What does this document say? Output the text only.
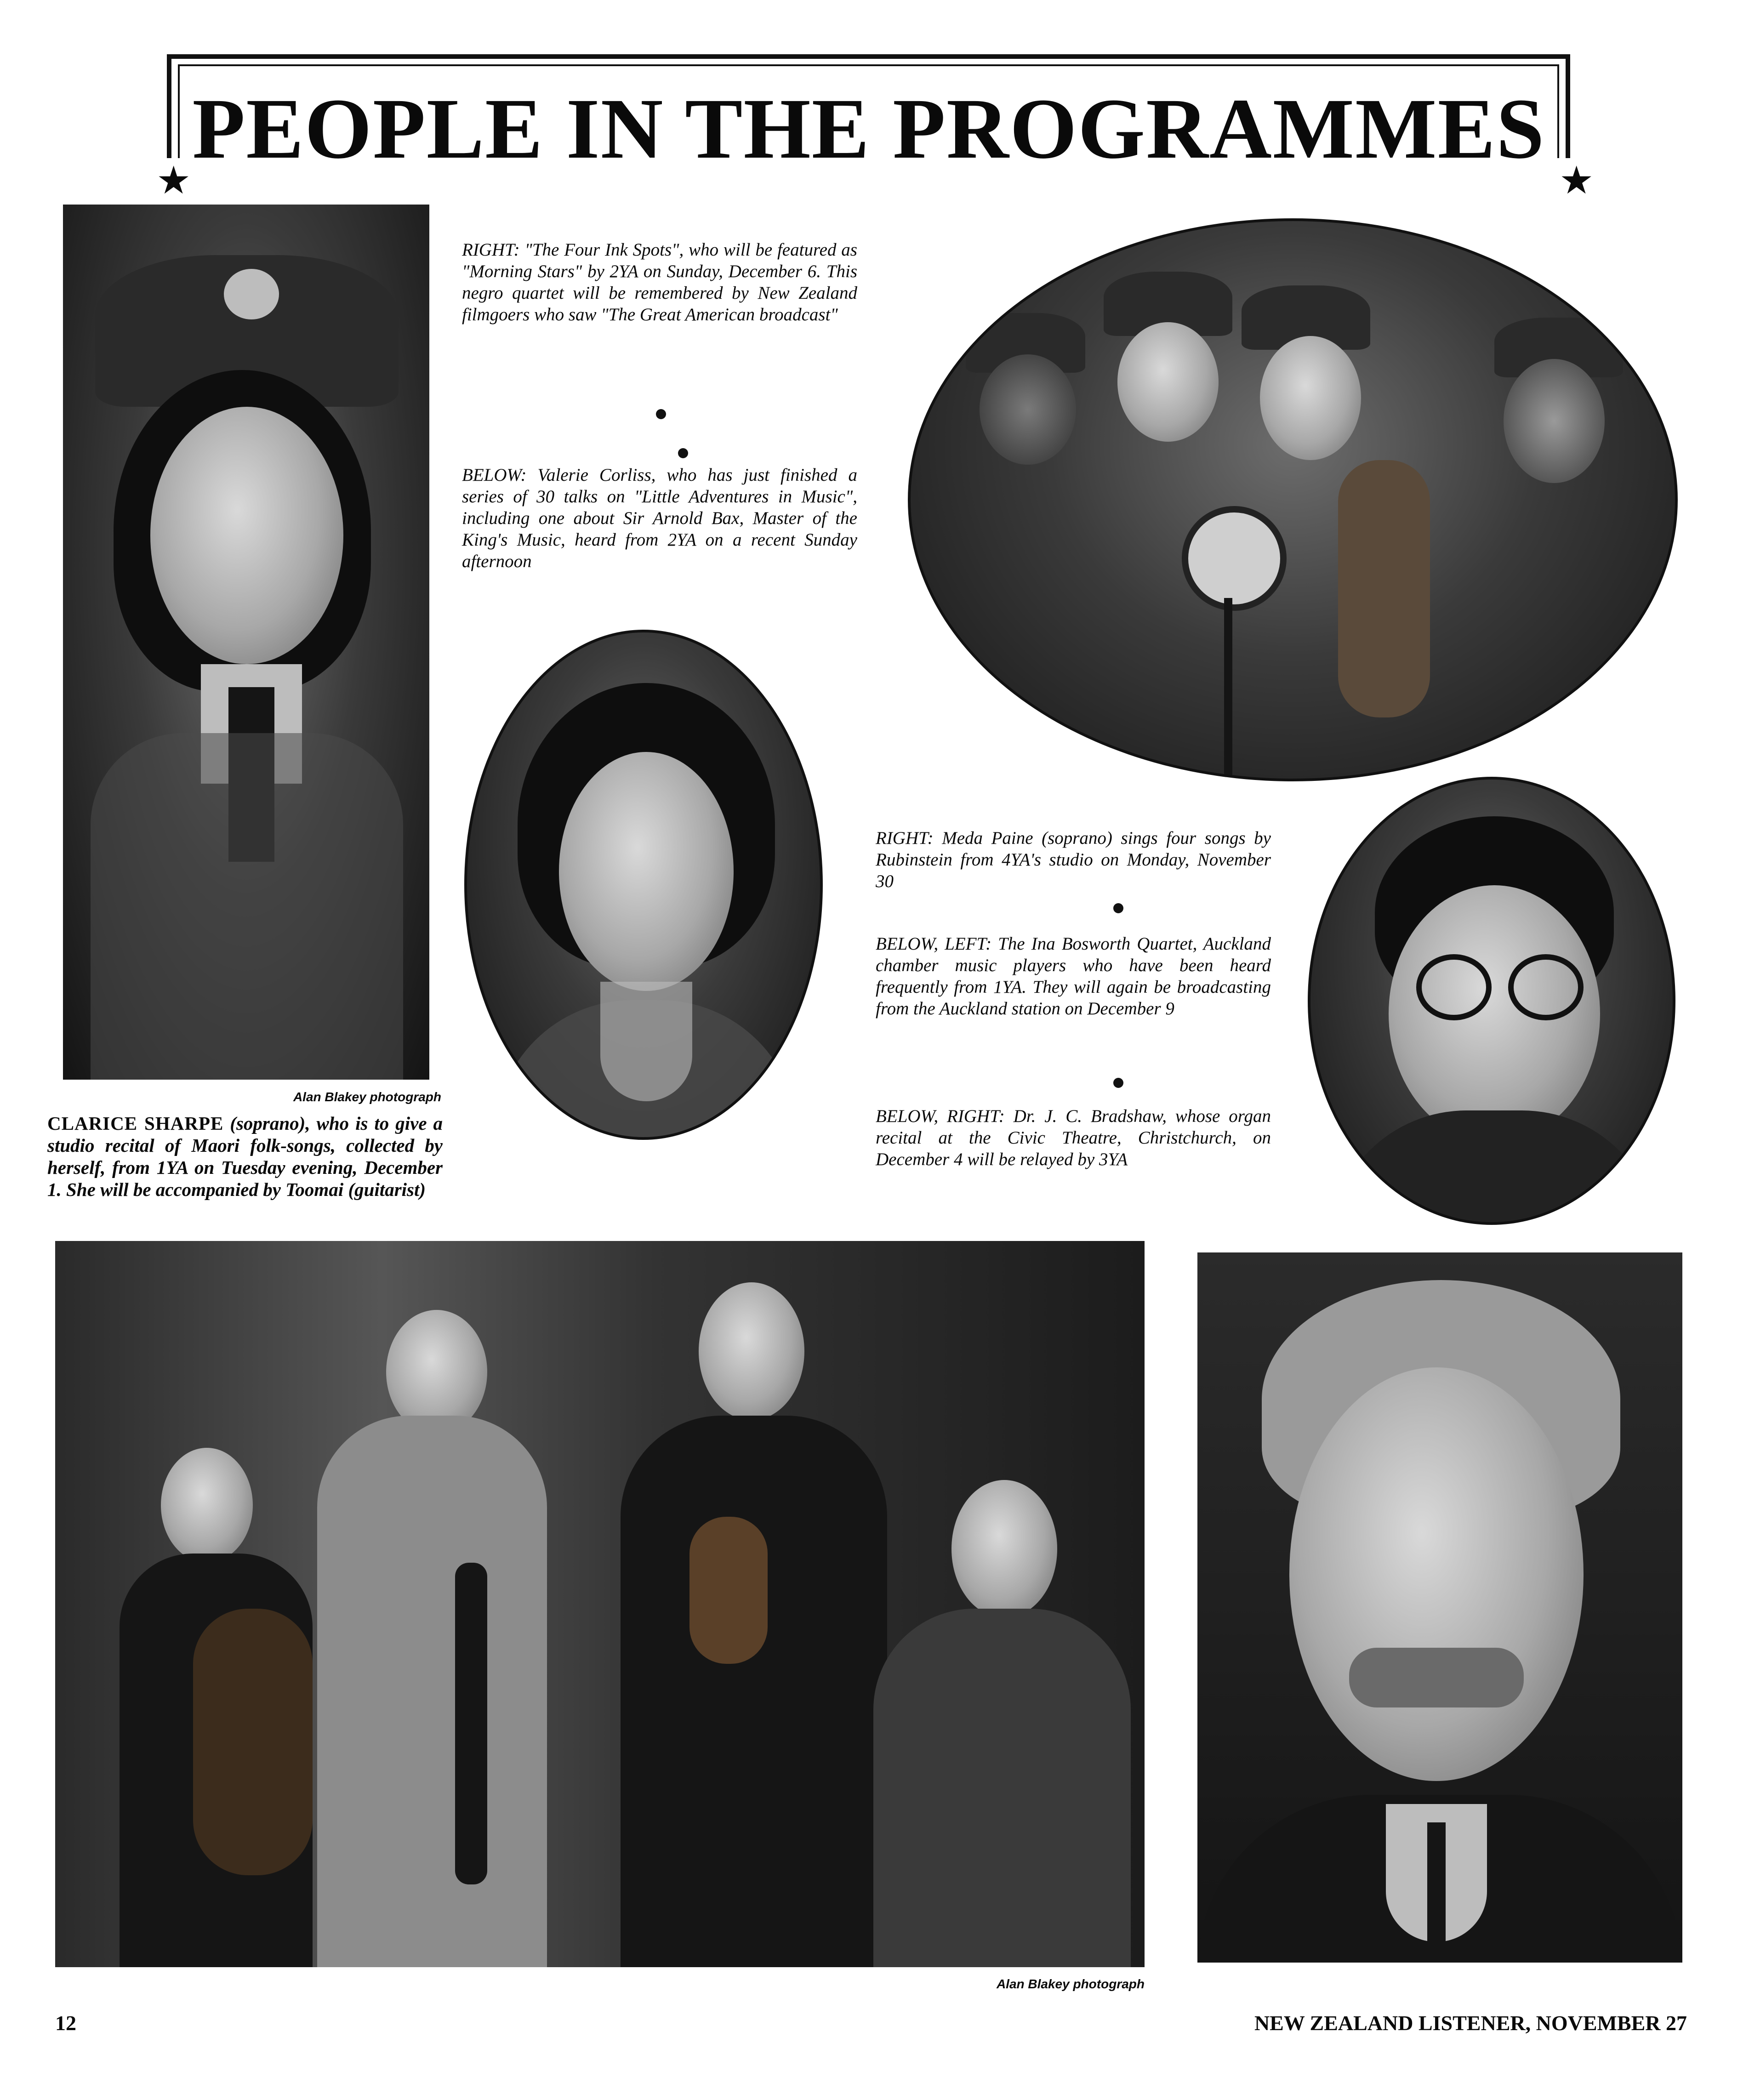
PEOPLE IN THE PROGRAMMES
★	★
Alan Blakey photograph
CLARICE SHARPE (soprano), who is to give a studio recital of Maori folk-songs, collected by herself, from 1YA on Tuesday evening, December 1. She will be accompanied by Toomai (guitarist)
RIGHT: "The Four Ink Spots", who will be featured as "Morning Stars" by 2YA on Sunday, December 6. This negro quartet will be remembered by New Zealand filmgoers who saw "The Great American broadcast"
BELOW: Valerie Corliss, who has just finished a series of 30 talks on "Little Adventures in Music", including one about Sir Arnold Bax, Master of the King's Music, heard from 2YA on a recent Sunday afternoon
RIGHT: Meda Paine (soprano) sings four songs by Rubinstein from 4YA's studio on Monday, November 30
BELOW, LEFT: The Ina Bosworth Quartet, Auckland chamber music players who have been heard frequently from 1YA. They will again be broadcasting from the Auckland station on December 9
BELOW, RIGHT: Dr. J. C. Bradshaw, whose organ recital at the Civic Theatre, Christchurch, on December 4 will be relayed by 3YA
Alan Blakey photograph
12	NEW ZEALAND LISTENER, NOVEMBER 27
